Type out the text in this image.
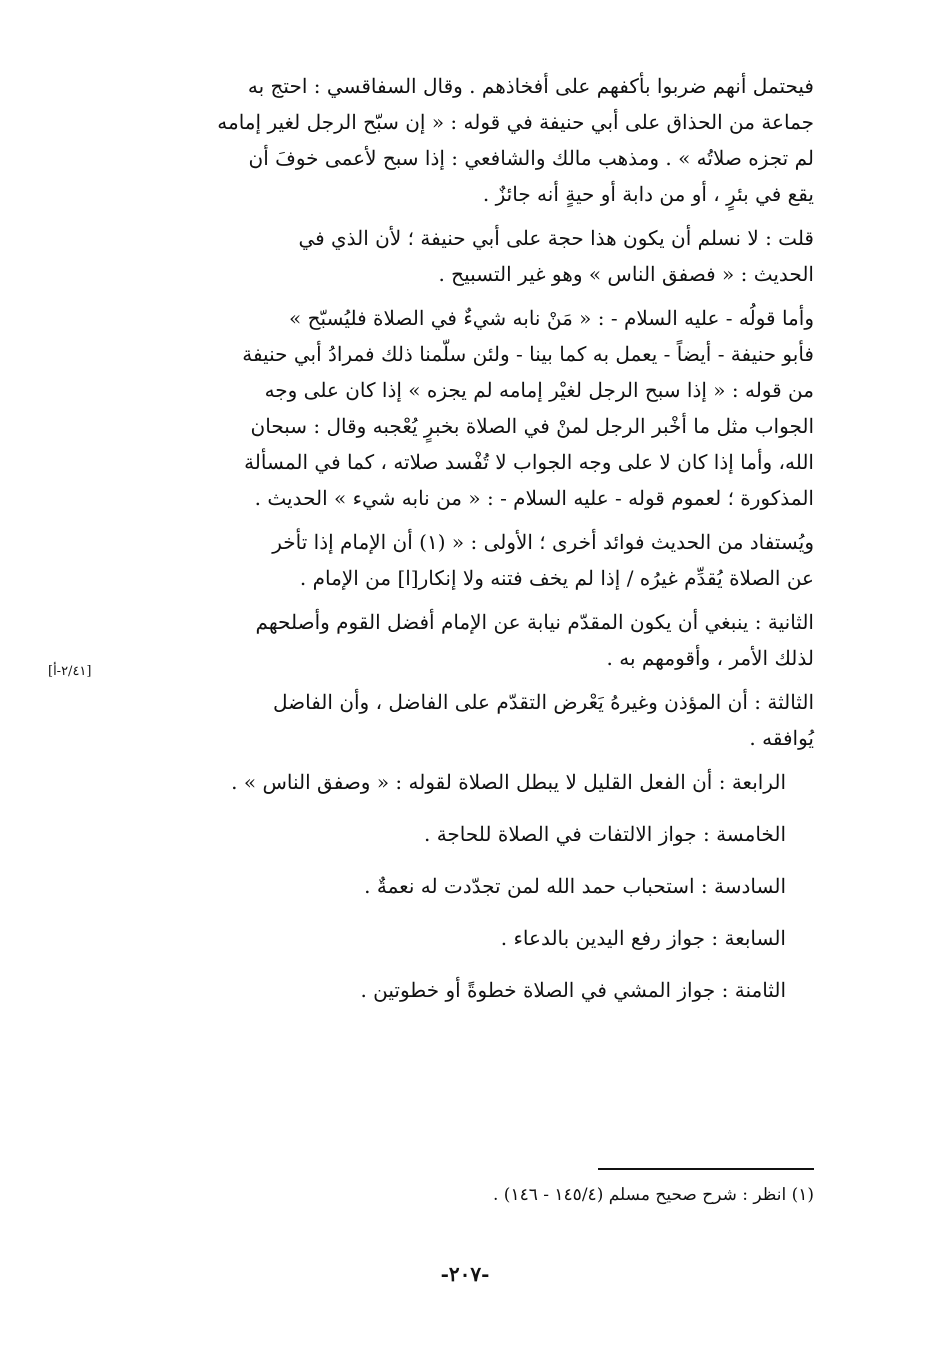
فيحتمل أنهم ضربوا بأكفهم على أفخاذهم . وقال السفاقسي : احتج به
جماعة من الحذاق على أبي حنيفة في قوله : « إن سبّح الرجل لغير إمامه
لم تجزه صلاتُه » . ومذهب مالك والشافعي : إذا سبح لأعمى خوفَ أن
يقع في بئرٍ ، أو من دابة أو حيةٍ أنه جائزٌ .

قلت : لا نسلم أن يكون هذا حجة على أبي حنيفة ؛ لأن الذي في
الحديث : « فصفق الناس » وهو غير التسبيح .

وأما قولُه - عليه السلام - : « مَنْ نابه شيءٌ في الصلاة فليُسبّح »
فأبو حنيفة - أيضاً - يعمل به كما بينا - ولئن سلّمنا ذلك فمرادُ أبي حنيفة
من قوله : « إذا سبح الرجل لغيْر إمامه لم يجزه » إذا كان على وجه
الجواب مثل ما أخْبر الرجل لمنْ في الصلاة بخبرٍ يُعْجبه وقال : سبحان
الله، وأما إذا كان لا على وجه الجواب لا تُفْسد صلاته ، كما في المسألة
المذكورة ؛ لعموم قوله - عليه السلام - : « من نابه شيء » الحديث .

ويُستفاد من الحديث فوائد أخرى ؛ الأولى : « (١) أن الإمام إذا تأخر
عن الصلاة يُقدِّم غيرُه / إذا لم يخف فتنه ولا إنكار[ا] من الإمام .

الثانية : ينبغي أن يكون المقدّم نيابة عن الإمام أفضل القوم وأصلحهم
لذلك الأمر ، وأقومهم به .

الثالثة : أن المؤذن وغيرهُ يَعْرض التقدّم على الفاضل ، وأن الفاضل
يُوافقه .

الرابعة : أن الفعل القليل لا يبطل الصلاة لقوله : « وصفق الناس » .
الخامسة : جواز الالتفات في الصلاة للحاجة .
السادسة : استحباب حمد الله لمن تجدّدت له نعمةٌ .
السابعة : جواز رفع اليدين بالدعاء .
الثامنة : جواز المشي في الصلاة خطوةً أو خطوتين .
[٢/٤١-أ]
(١) انظر : شرح صحيح مسلم (١٤٥/٤ - ١٤٦) .
-٢٠٧-
